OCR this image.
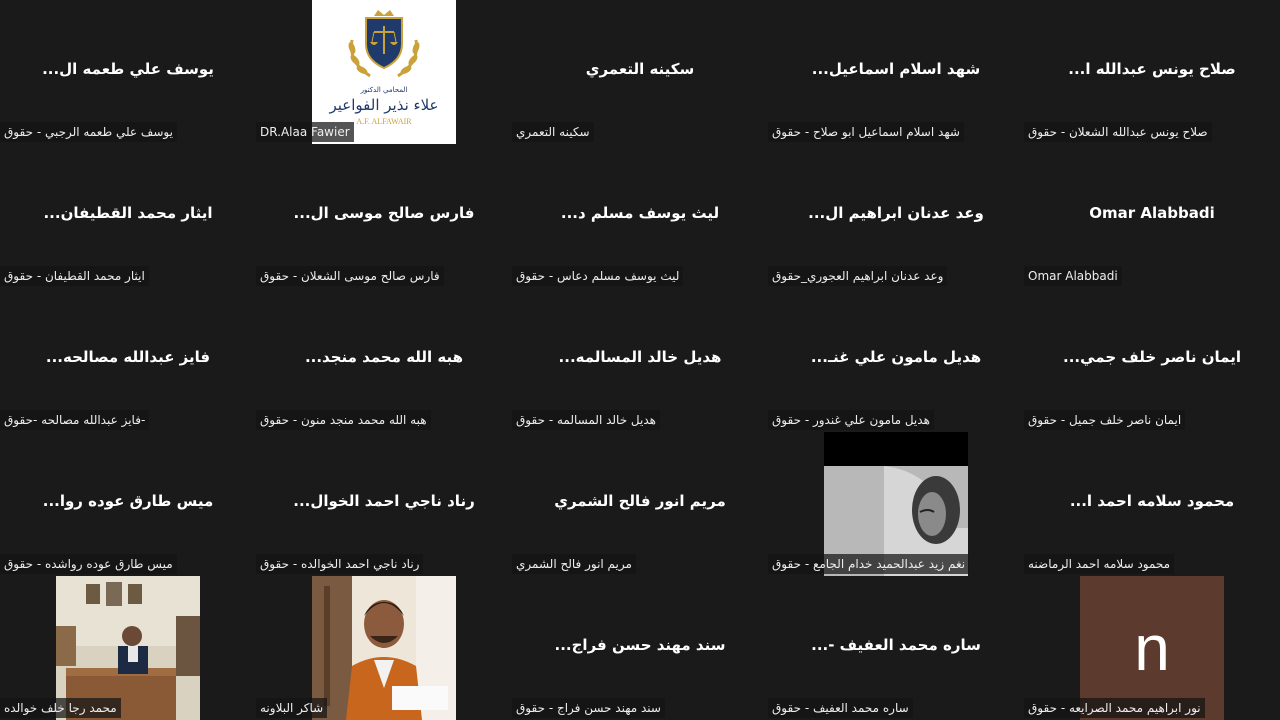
يوسف علي طعمه ال...
يوسف علي طعمه الرجبي - حقوق
المحامي الدكتور
علاء نذير الفواعير
A.F. ALFAWAIR
DR.Alaa Fawier
سكينه التعمري
سكينه التعمري
شهد اسلام اسماعيل...
شهد اسلام اسماعيل ابو صلاح - حقوق
صلاح يونس عبدالله ا...
صلاح يونس عبدالله الشعلان - حقوق
ايثار محمد القطيفان...
ايثار محمد القطيفان - حقوق
فارس صالح موسى ال...
فارس صالح موسى الشعلان - حقوق
ليث يوسف مسلم د...
ليث يوسف مسلم دعاس - حقوق
وعد عدنان ابراهيم ال...
وعد عدنان ابراهيم العجوري_حقوق
Omar Alabbadi
Omar Alabbadi
فايز عبدالله مصالحه...
فايز عبدالله مصالحه -حقوق-
هبه الله محمد منجد...
هبه الله محمد منجد منون - حقوق
هديل خالد المسالمه...
هديل خالد المسالمه - حقوق
هديل مامون علي غنـ...
هديل مامون علي غندور - حقوق
ايمان ناصر خلف جمي...
ايمان ناصر خلف جميل - حقوق
ميس طارق عوده روا...
ميس طارق عوده رواشده - حقوق
رناد ناجي احمد الخوال...
رناد ناجي احمد الخوالده - حقوق
مريم انور فالح الشمري
مريم انور فالح الشمري	نغم زيد عبدالحميد خدام الجامع - حقوق
محمود سلامه احمد ا...
محمود سلامه احمد الرماضنه
محمد رجا خلف خوالده	شاكر البلاونه
سند مهند حسن فراج...
سند مهند حسن فراج - حقوق
ساره محمد العفيف -...
ساره محمد العفيف - حقوق
n
نور ابراهيم محمد الصرايعه - حقوق
